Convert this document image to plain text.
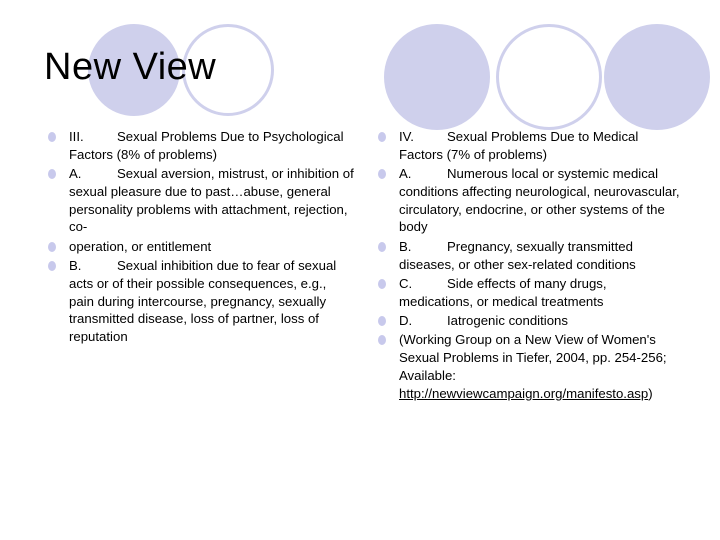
New View
III.	Sexual Problems Due to Psychological Factors (8% of problems)
A.	Sexual aversion, mistrust, or inhibition of sexual pleasure due to past…abuse, general personality problems with attachment, rejection, co-
operation, or entitlement
B.	Sexual inhibition due to fear of sexual acts or of their possible consequences, e.g., pain during intercourse, pregnancy, sexually transmitted disease, loss of partner, loss of reputation
IV.	Sexual Problems Due to Medical Factors (7% of problems)
A.	Numerous local or systemic medical conditions affecting neurological, neurovascular, circulatory, endocrine, or other systems of the body
B.	Pregnancy, sexually transmitted diseases, or other sex-related conditions
C.	Side effects of many drugs, medications, or medical treatments
D.	Iatrogenic conditions
(Working Group on a New View of Women's Sexual Problems in Tiefer, 2004, pp. 254-256; Available: http://newviewcampaign.org/manifesto.asp)
